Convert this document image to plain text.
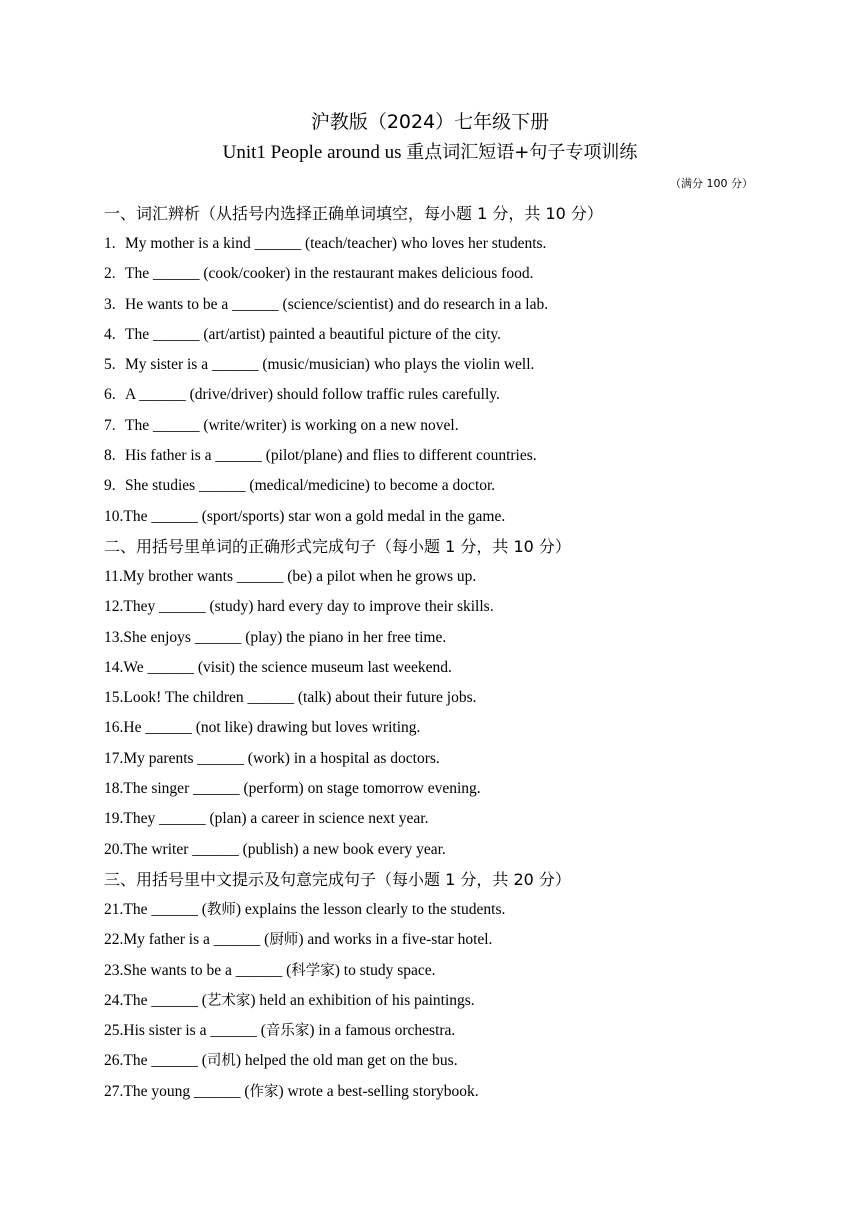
沪教版（2024）七年级下册
Unit1 People around us 重点词汇短语+句子专项训练
（满分 100 分）
一、词汇辨析（从括号内选择正确单词填空，每小题 1 分，共 10 分）
1. My mother is a kind ______ (teach/teacher) who loves her students.
2. The ______ (cook/cooker) in the restaurant makes delicious food.
3. He wants to be a ______ (science/scientist) and do research in a lab.
4. The ______ (art/artist) painted a beautiful picture of the city.
5. My sister is a ______ (music/musician) who plays the violin well.
6. A ______ (drive/driver) should follow traffic rules carefully.
7. The ______ (write/writer) is working on a new novel.
8. His father is a ______ (pilot/plane) and flies to different countries.
9. She studies ______ (medical/medicine) to become a doctor.
10.The ______ (sport/sports) star won a gold medal in the game.
二、用括号里单词的正确形式完成句子（每小题 1 分，共 10 分）
11.My brother wants ______ (be) a pilot when he grows up.
12.They ______ (study) hard every day to improve their skills.
13.She enjoys ______ (play) the piano in her free time.
14.We ______ (visit) the science museum last weekend.
15.Look! The children ______ (talk) about their future jobs.
16.He ______ (not like) drawing but loves writing.
17.My parents ______ (work) in a hospital as doctors.
18.The singer ______ (perform) on stage tomorrow evening.
19.They ______ (plan) a career in science next year.
20.The writer ______ (publish) a new book every year.
三、用括号里中文提示及句意完成句子（每小题 1 分，共 20 分）
21.The ______ (教师) explains the lesson clearly to the students.
22.My father is a ______ (厨师) and works in a five-star hotel.
23.She wants to be a ______ (科学家) to study space.
24.The ______ (艺术家) held an exhibition of his paintings.
25.His sister is a ______ (音乐家) in a famous orchestra.
26.The ______ (司机) helped the old man get on the bus.
27.The young ______ (作家) wrote a best-selling storybook.
